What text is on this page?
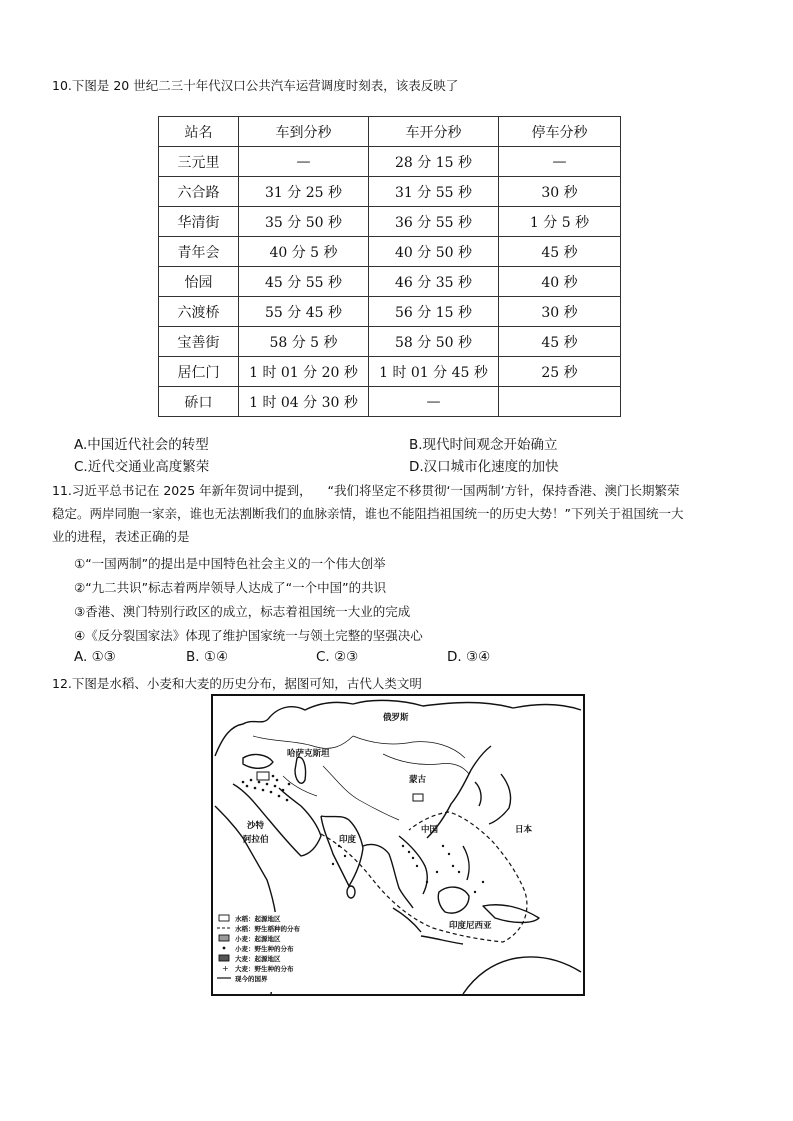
10.下图是 20 世纪二三十年代汉口公共汽车运营调度时刻表，该表反映了
站名	车到分秒	车开分秒	停车分秒
三元里	—	28 分 15 秒	—
六合路	31 分 25 秒	31 分 55 秒	30 秒
华清街	35 分 50 秒	36 分 55 秒	1 分 5 秒
青年会	40 分 5 秒	40 分 50 秒	45 秒
怡园	45 分 55 秒	46 分 35 秒	40 秒
六渡桥	55 分 45 秒	56 分 15 秒	30 秒
宝善街	58 分 5 秒	58 分 50 秒	45 秒
居仁门	1 时 01 分 20 秒	1 时 01 分 45 秒	25 秒
硚口	1 时 04 分 30 秒	—	
A.中国近代社会的转型	B.现代时间观念开始确立
C.近代交通业高度繁荣	D.汉口城市化速度的加快
11.习近平总书记在 2025 年新年贺词中提到，    “我们将坚定不移贯彻‘一国两制’方针，保持香港、澳门长期繁荣
稳定。两岸同胞一家亲，谁也无法割断我们的血脉亲情，谁也不能阻挡祖国统一的历史大势！”下列关于祖国统一大
业的进程，表述正确的是
①“一国两制”的提出是中国特色社会主义的一个伟大创举
②“九二共识”标志着两岸领导人达成了“一个中国”的共识
③香港、澳门特别行政区的成立，标志着祖国统一大业的完成
④《反分裂国家法》体现了维护国家统一与领土完整的坚强决心
A. ①③	B. ①④	C. ②③	D. ③④
12.下图是水稻、小麦和大麦的历史分布，据图可知，古代人类文明
俄罗斯
哈萨克斯坦
蒙古
中国	日本
沙特
阿拉伯	印度
印度尼西亚
+
水稻：起源地区
水稻：野生稻种的分布
小麦：起源地区
小麦：野生种的分布
大麦：起源地区
大麦：野生种的分布
现今的国界
